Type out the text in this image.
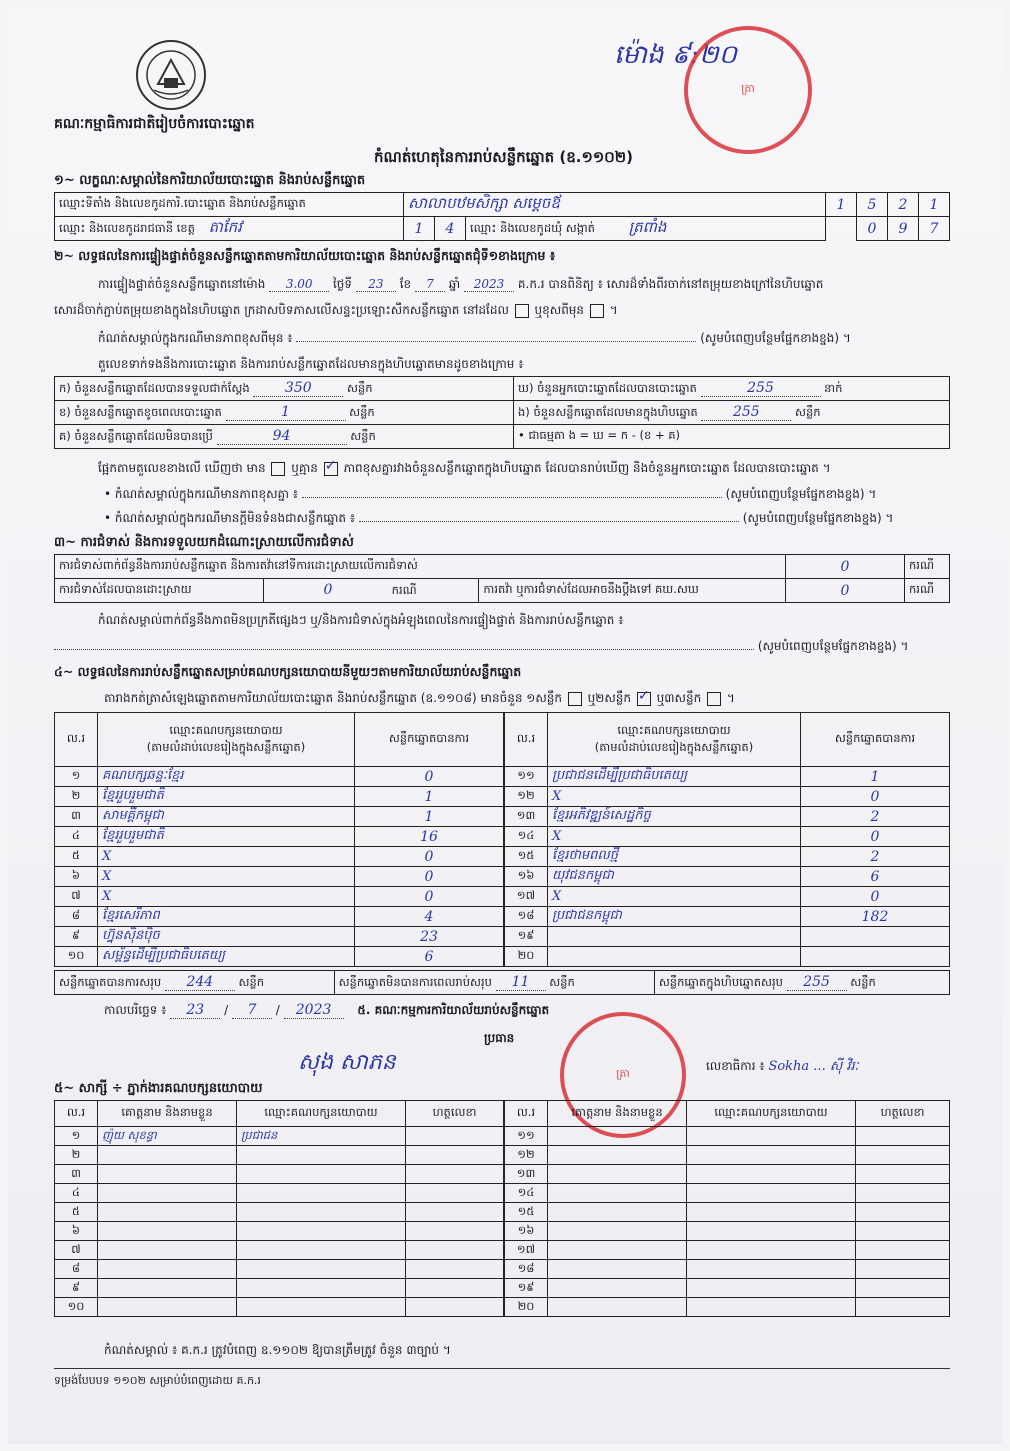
គណៈកម្មាធិការជាតិរៀបចំការបោះឆ្នោត
ម៉ោង ៩:២០
ត្រា
កំណត់ហេតុនៃការរាប់សន្លឹកឆ្នោត (ឧ.១១០២)
១~ លក្ខណៈសម្គាល់នៃការិយាល័យបោះឆ្នោត និងរាប់សន្លឹកឆ្នោត
ឈ្មោះទីតាំង និងលេខកូដការិ.បោះឆ្នោត និងរាប់សន្លឹកឆ្នោត	សាលាបឋមសិក្សា សម្ដេចឪ			1	5	2	1
ឈ្មោះ និងលេខកូដរាជធានី ខេត្ត តាកែវ	1	4	ឈ្មោះ និងលេខកូដឃុំ សង្កាត់ ត្រពាំង		0	9	7
២~ លទ្ធផលនៃការផ្ទៀងផ្ទាត់ចំនួនសន្លឹកឆ្នោតតាមការិយាល័យបោះឆ្នោត និងរាប់សន្លឹកឆ្នោតជុំទី១ខាងក្រោម ៖
ការផ្ទៀងផ្ទាត់ចំនួនសន្លឹកឆ្នោតនៅម៉ោង 3.00 ថ្ងៃទី 23 ខែ 7 ឆ្នាំ 2023 គ.ក.រ បានពិនិត្យ ៖ សោរដ៏ទាំងពីរចាក់នៅតម្រុយខាងក្រៅនៃហិបឆ្នោត
សោរដ៏ចាក់ភ្ជាប់តម្រុយខាងក្នុងនៃហិបឆ្នោត ក្រដាសបិទភាសលើសន្ទះប្រឡោះសឺកសន្លឹកឆ្នោត នៅដដែល ឬខុសពីមុន  ។
កំណត់សម្គាល់ក្នុងករណីមានភាពខុសពីមុន ៖	(សូមបំពេញបន្ថែមផ្នែកខាងខ្នង) ។
តួលេខទាក់ទងនឹងការបោះឆ្នោត និងការរាប់សន្លឹកឆ្នោតដែលមានក្នុងហិបឆ្នោតមានដូចខាងក្រោម ៖
ក) ចំនួនសន្លឹកឆ្នោតដែលបានទទួលជាក់ស្ដែង 350 សន្លឹក	ឃ) ចំនួនអ្នកបោះឆ្នោតដែលបានបោះឆ្នោត 255 នាក់
ខ) ចំនួនសន្លឹកឆ្នោតខូចពេលបោះឆ្នោត 1 សន្លឹក	ង) ចំនួនសន្លឹកឆ្នោតដែលមានក្នុងហិបឆ្នោត 255 សន្លឹក
គ) ចំនួនសន្លឹកឆ្នោតដែលមិនបានប្រើ 94 សន្លឹក	• ជាធម្មតា ង = ឃ = ក - (ខ + គ)
ផ្អែកតាមតួលេខខាងលើ ឃើញថា មាន ឬគ្មាន ✓ ភាពខុសគ្នារវាងចំនួនសន្លឹកឆ្នោតក្នុងហិបឆ្នោត ដែលបានរាប់ឃើញ និងចំនួនអ្នកបោះឆ្នោត ដែលបានបោះឆ្នោត ។
• កំណត់សម្គាល់ក្នុងករណីមានភាពខុសគ្នា ៖	(សូមបំពេញបន្ថែមផ្នែកខាងខ្នង) ។
• កំណត់សម្គាល់ក្នុងករណីមានក្ដីមិនទំនងជាសន្លឹកឆ្នោត ៖	(សូមបំពេញបន្ថែមផ្នែកខាងខ្នង) ។
៣~ ការជំទាស់ និងការទទួលយកដំណោះស្រាយលើការជំទាស់
ការជំទាស់ពាក់ព័ន្ធនឹងការរាប់សន្លឹកឆ្នោត និងការតវ៉ានៅទីការដោះស្រាយលើការជំទាស់			0	ករណី
ការជំទាស់ដែលបានដោះស្រាយ	0 ករណី	ការតវ៉ា ឬការជំទាស់ដែលអាចនឹងប្ដឹងទៅ គឃ.សឃ	0	ករណី
កំណត់សម្គាល់ពាក់ព័ន្ធនឹងភាពមិនប្រក្រតីផ្សេងៗ ឬ/និងការជំទាស់ក្នុងអំឡុងពេលនៃការផ្ទៀងផ្ទាត់ និងការរាប់សន្លឹកឆ្នោត ៖
(សូមបំពេញបន្ថែមផ្នែកខាងខ្នង) ។
៤~ លទ្ធផលនៃការរាប់សន្លឹកឆ្នោតសម្រាប់គណបក្សនយោបាយនីមួយៗតាមការិយាល័យរាប់សន្លឹកឆ្នោត
តារាងកត់ត្រាសំឡេងឆ្នោតតាមការិយាល័យបោះឆ្នោត និងរាប់សន្លឹកឆ្នោត (ឧ.១១០៨) មានចំនួន ១សន្លឹក ឬ២សន្លឹក ✓ ឬ៣សន្លឹក  ។
ល.រ	ឈ្មោះគណបក្សនយោបាយ
(តាមលំដាប់លេខរៀងក្នុងសន្លឹកឆ្នោត)	សន្លឹកឆ្នោតបានការ
១	គណបក្សឆន្ទៈខ្មែរ	0
២	ខ្មែររួបរួមជាតិ	1
៣	សាមគ្គីកម្ពុជា	1
៤	ខ្មែររួបរួមជាតិ	16
៥	X	0
៦	X	0
៧	X	0
៨	ខ្មែរសេរីភាព	4
៩	ហ្វ៊ុនស៊ិនប៉ិច	23
១០	សម្ព័ន្ធដើម្បីប្រជាធិបតេយ្យ	6
ល.រ	ឈ្មោះគណបក្សនយោបាយ
(តាមលំដាប់លេខរៀងក្នុងសន្លឹកឆ្នោត)	សន្លឹកឆ្នោតបានការ
១១	ប្រជាជនដើម្បីប្រជាធិបតេយ្យ	1
១២	X	0
១៣	ខ្មែរអភិវឌ្ឍន៍សេដ្ឋកិច្ច	2
១៤	X	0
១៥	ខ្មែរថាមពលថ្មី	2
១៦	យុវជនកម្ពុជា	6
១៧	X	0
១៨	ប្រជាជនកម្ពុជា	182
១៩		
២០		
សន្លឹកឆ្នោតបានការសរុប 244 សន្លឹក	សន្លឹកឆ្នោតមិនបានការពេលរាប់សរុប 11 សន្លឹក	សន្លឹកឆ្នោតក្នុងហិបឆ្នោតសរុប 255 សន្លឹក
កាលបរិច្ឆេទ ៖ 23 / 7 / 2023 ៥. គណៈកម្មការការិយាល័យរាប់សន្លឹកឆ្នោត
ប្រធាន
សុង សាភន	ត្រា
លេខាធិការ ៖ Sokha ... ស៊ី វិរៈ
៥~ សាក្សី ÷ ភ្នាក់ងារគណបក្សនយោបាយ
ល.រ	គោត្តនាម និងនាមខ្លួន	ឈ្មោះគណបក្សនយោបាយ	ហត្ថលេខា
១	ញ៉ុយ សុខន្ធា	ប្រជាជន	
២			
៣			
៤			
៥			
៦			
៧			
៨			
៩			
១០			
ល.រ	គោត្តនាម និងនាមខ្លួន	ឈ្មោះគណបក្សនយោបាយ	ហត្ថលេខា
១១			
១២			
១៣			
១៤			
១៥			
១៦			
១៧			
១៨			
១៩			
២០			
កំណត់សម្គាល់ ៖ គ.ក.រ ត្រូវបំពេញ ឧ.១១០២ ឱ្យបានត្រឹមត្រូវ ចំនួន ៣ច្បាប់ ។
ទម្រង់បែបបទ ១១០២ សម្រាប់បំពេញដោយ គ.ក.រ
